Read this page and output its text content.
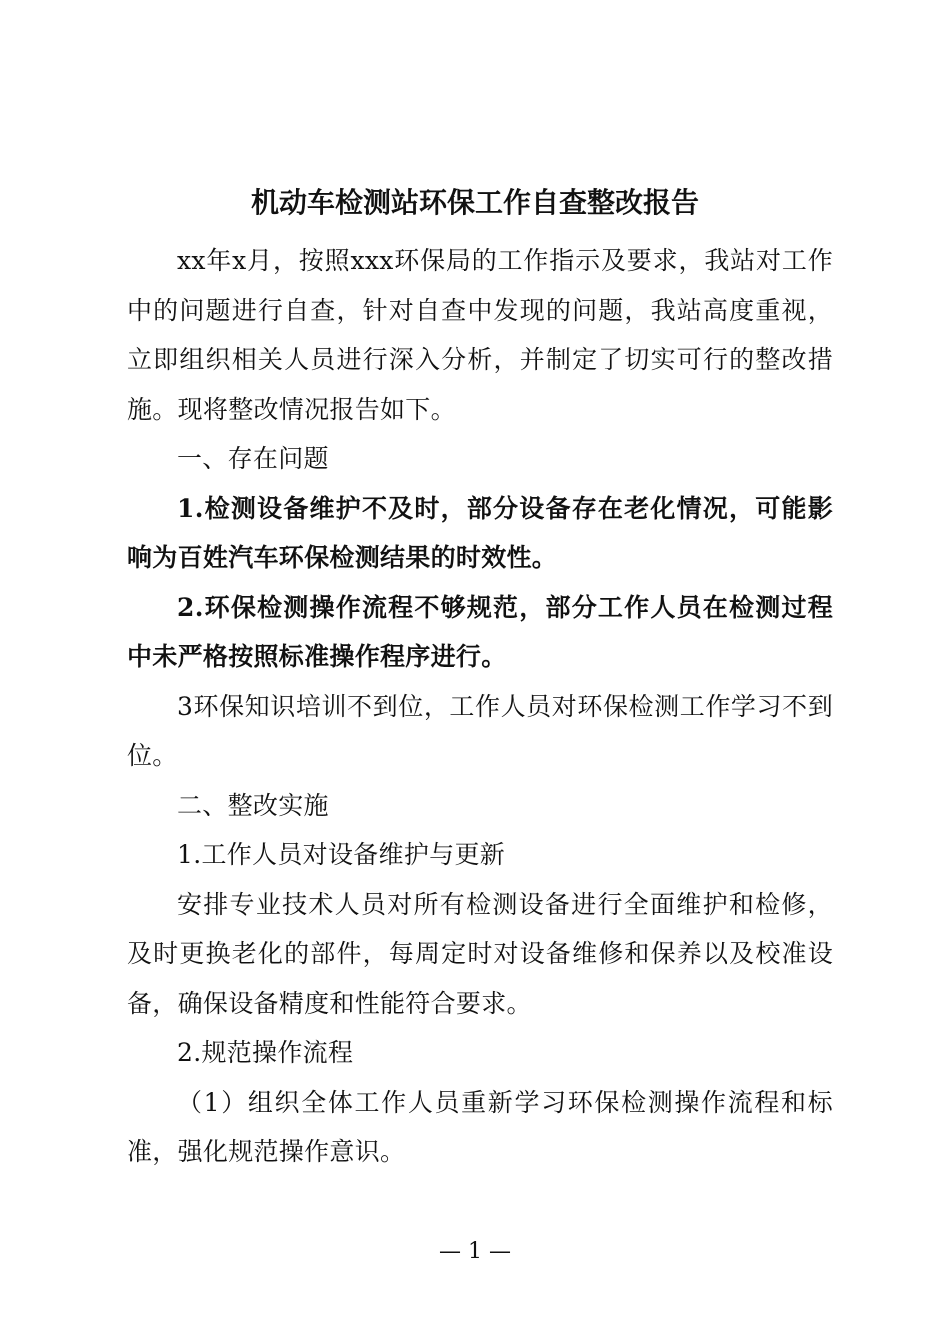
机动车检测站环保工作自查整改报告

xx年x月，按照xxx环保局的工作指示及要求，我站对工作中的问题进行自查，针对自查中发现的问题，我站高度重视，立即组织相关人员进行深入分析，并制定了切实可行的整改措施。现将整改情况报告如下。

一、存在问题

1.检测设备维护不及时，部分设备存在老化情况，可能影响为百姓汽车环保检测结果的时效性。

2.环保检测操作流程不够规范，部分工作人员在检测过程中未严格按照标准操作程序进行。

3环保知识培训不到位，工作人员对环保检测工作学习不到位。

二、整改实施

1.工作人员对设备维护与更新

安排专业技术人员对所有检测设备进行全面维护和检修，及时更换老化的部件，每周定时对设备维修和保养以及校准设备，确保设备精度和性能符合要求。

2.规范操作流程

（1）组织全体工作人员重新学习环保检测操作流程和标准，强化规范操作意识。

— 1 —
